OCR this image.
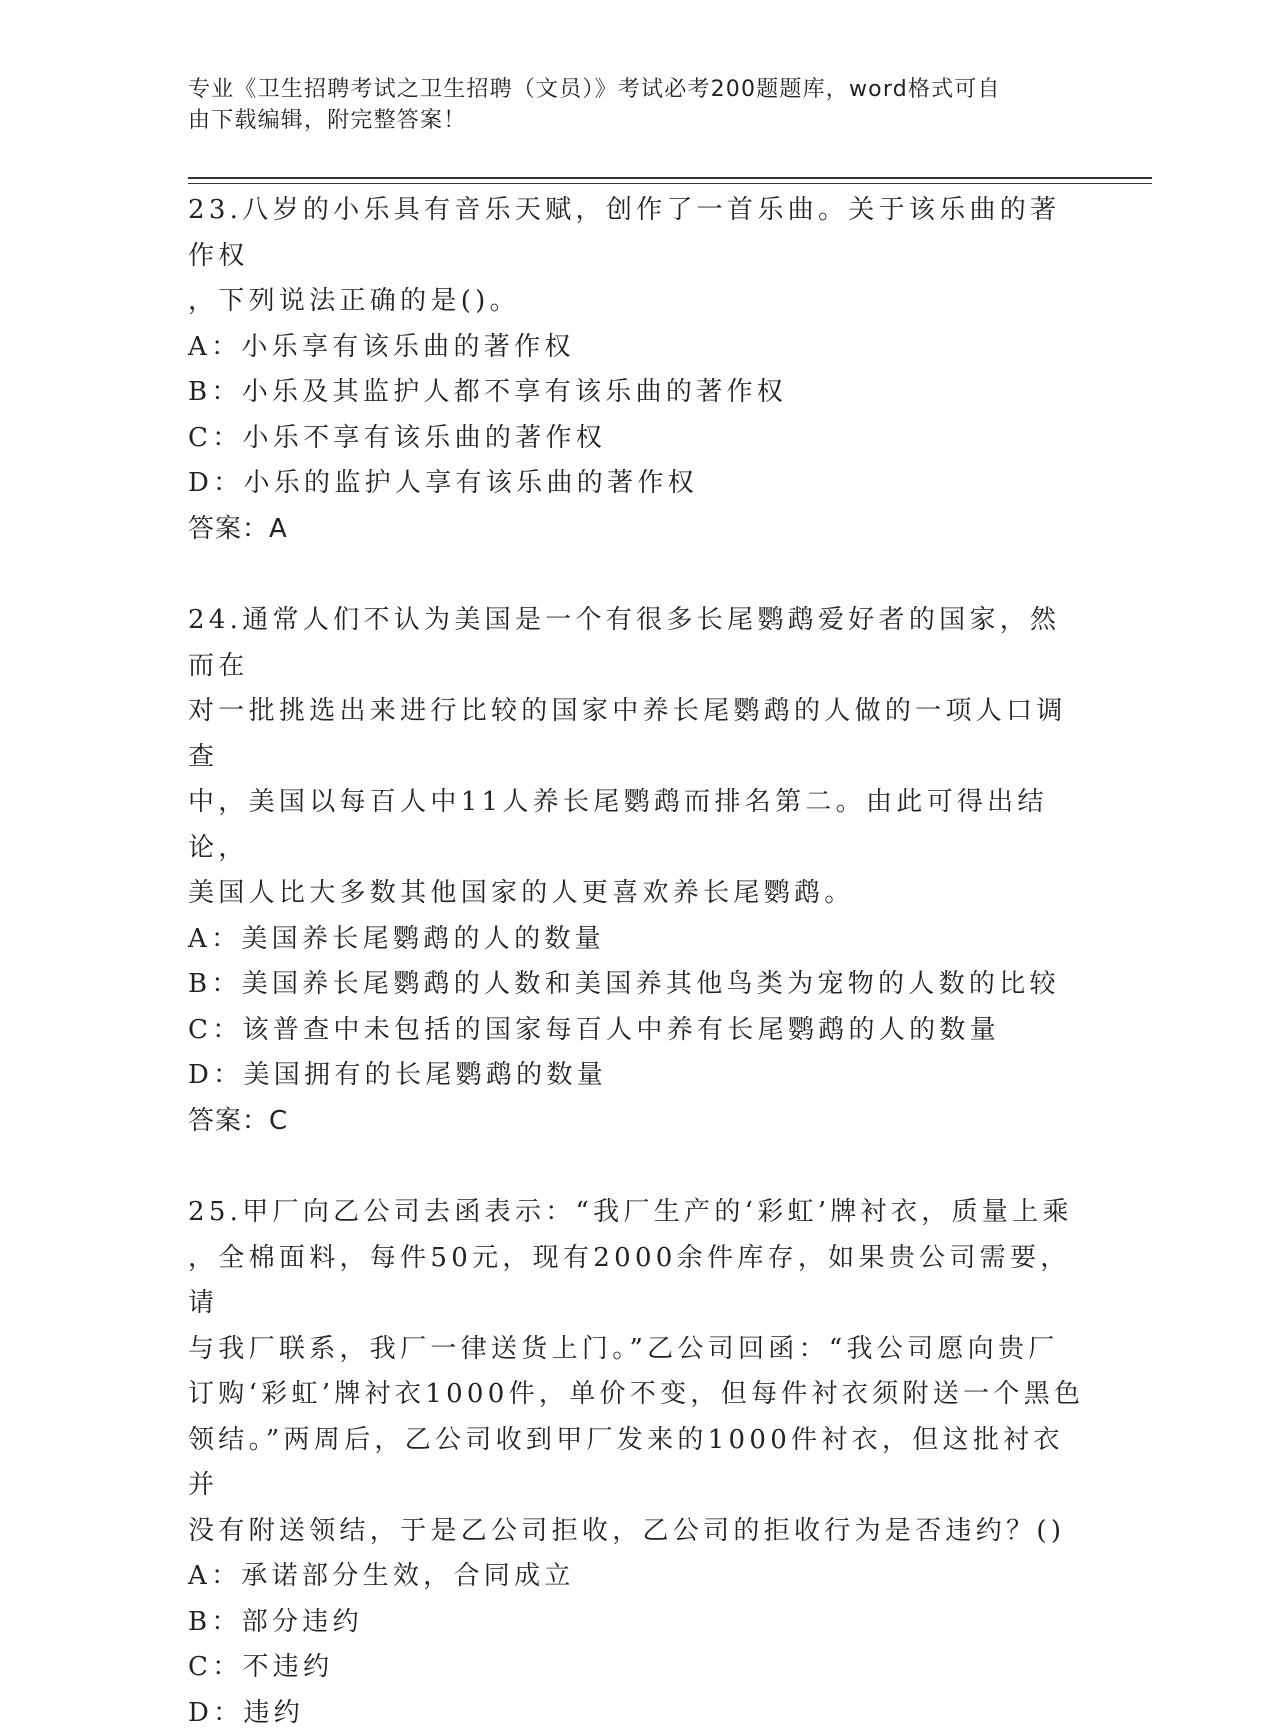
专业《卫生招聘考试之卫生招聘（文员）》考试必考200题题库，word格式可自
由下载编辑，附完整答案！
23.八岁的小乐具有音乐天赋，创作了一首乐曲。关于该乐曲的著作权
，下列说法正确的是()。
A：小乐享有该乐曲的著作权
B：小乐及其监护人都不享有该乐曲的著作权
C：小乐不享有该乐曲的著作权
D：小乐的监护人享有该乐曲的著作权
答案：A
24.通常人们不认为美国是一个有很多长尾鹦鹉爱好者的国家，然而在
对一批挑选出来进行比较的国家中养长尾鹦鹉的人做的一项人口调查
中，美国以每百人中11人养长尾鹦鹉而排名第二。由此可得出结论，
美国人比大多数其他国家的人更喜欢养长尾鹦鹉。
A：美国养长尾鹦鹉的人的数量
B：美国养长尾鹦鹉的人数和美国养其他鸟类为宠物的人数的比较
C：该普查中未包括的国家每百人中养有长尾鹦鹉的人的数量
D：美国拥有的长尾鹦鹉的数量
答案：C
25.甲厂向乙公司去函表示：“我厂生产的‘彩虹’牌衬衣，质量上乘
，全棉面料，每件50元，现有2000余件库存，如果贵公司需要，请
与我厂联系，我厂一律送货上门。”乙公司回函：“我公司愿向贵厂
订购‘彩虹’牌衬衣1000件，单价不变，但每件衬衣须附送一个黑色
领结。”两周后，乙公司收到甲厂发来的1000件衬衣，但这批衬衣并
没有附送领结，于是乙公司拒收，乙公司的拒收行为是否违约？()
A：承诺部分生效，合同成立
B：部分违约
C：不违约
D：违约
